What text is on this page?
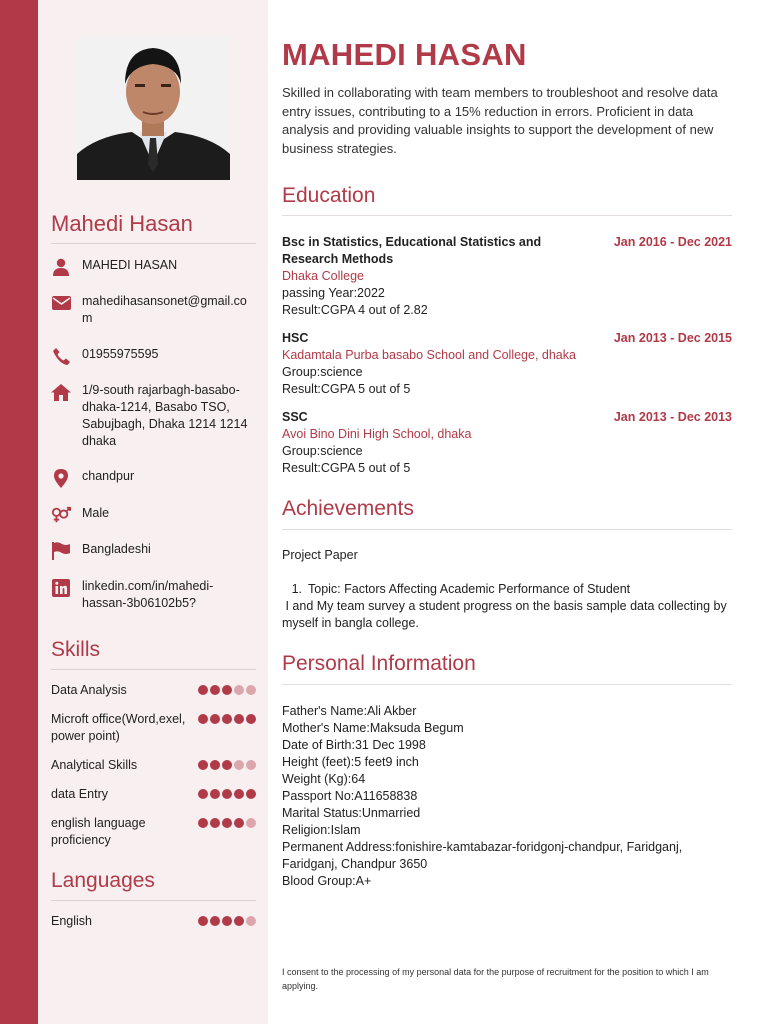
Mahedi Hasan
MAHEDI HASAN
mahedihasansonet@gmail.com
01955975595
1/9-south rajarbagh-basabo-dhaka-1214, Basabo TSO, Sabujbagh, Dhaka 1214 1214 dhaka
chandpur
Male
Bangladeshi
linkedin.com/in/mahedi-hassan-3b06102b5?
Skills
Data Analysis
Microft office(Word,exel, power point)
Analytical Skills
data Entry
english language proficiency
Languages
English
MAHEDI HASAN
Skilled in collaborating with team members to troubleshoot and resolve data entry issues, contributing to a 15% reduction in errors. Proficient in data analysis and providing valuable insights to support the development of new business strategies.
Education
Bsc in Statistics, Educational Statistics and Research Methods
Jan 2016 - Dec 2021
Dhaka College
passing Year:2022
Result:CGPA 4 out of 2.82
HSC	Jan 2013 - Dec 2015
Kadamtala Purba basabo School and College, dhaka
Group:science
Result:CGPA 5 out of 5
SSC	Jan 2013 - Dec 2013
Avoi Bino Dini High School, dhaka
Group:science
Result:CGPA 5 out of 5
Achievements
Project Paper
1. Topic: Factors Affecting Academic Performance of Student
I and My team survey a student progress on the basis sample data collecting by myself in bangla college.
Personal Information
Father's Name:Ali Akber
Mother's Name:Maksuda Begum
Date of Birth:31 Dec 1998
Height (feet):5 feet9 inch
Weight (Kg):64
Passport No:A11658838
Marital Status:Unmarried
Religion:Islam
Permanent Address:fonishire-kamtabazar-foridgonj-chandpur, Faridganj, Faridganj, Chandpur 3650
Blood Group:A+
I consent to the processing of my personal data for the purpose of recruitment for the position to which I am applying.
